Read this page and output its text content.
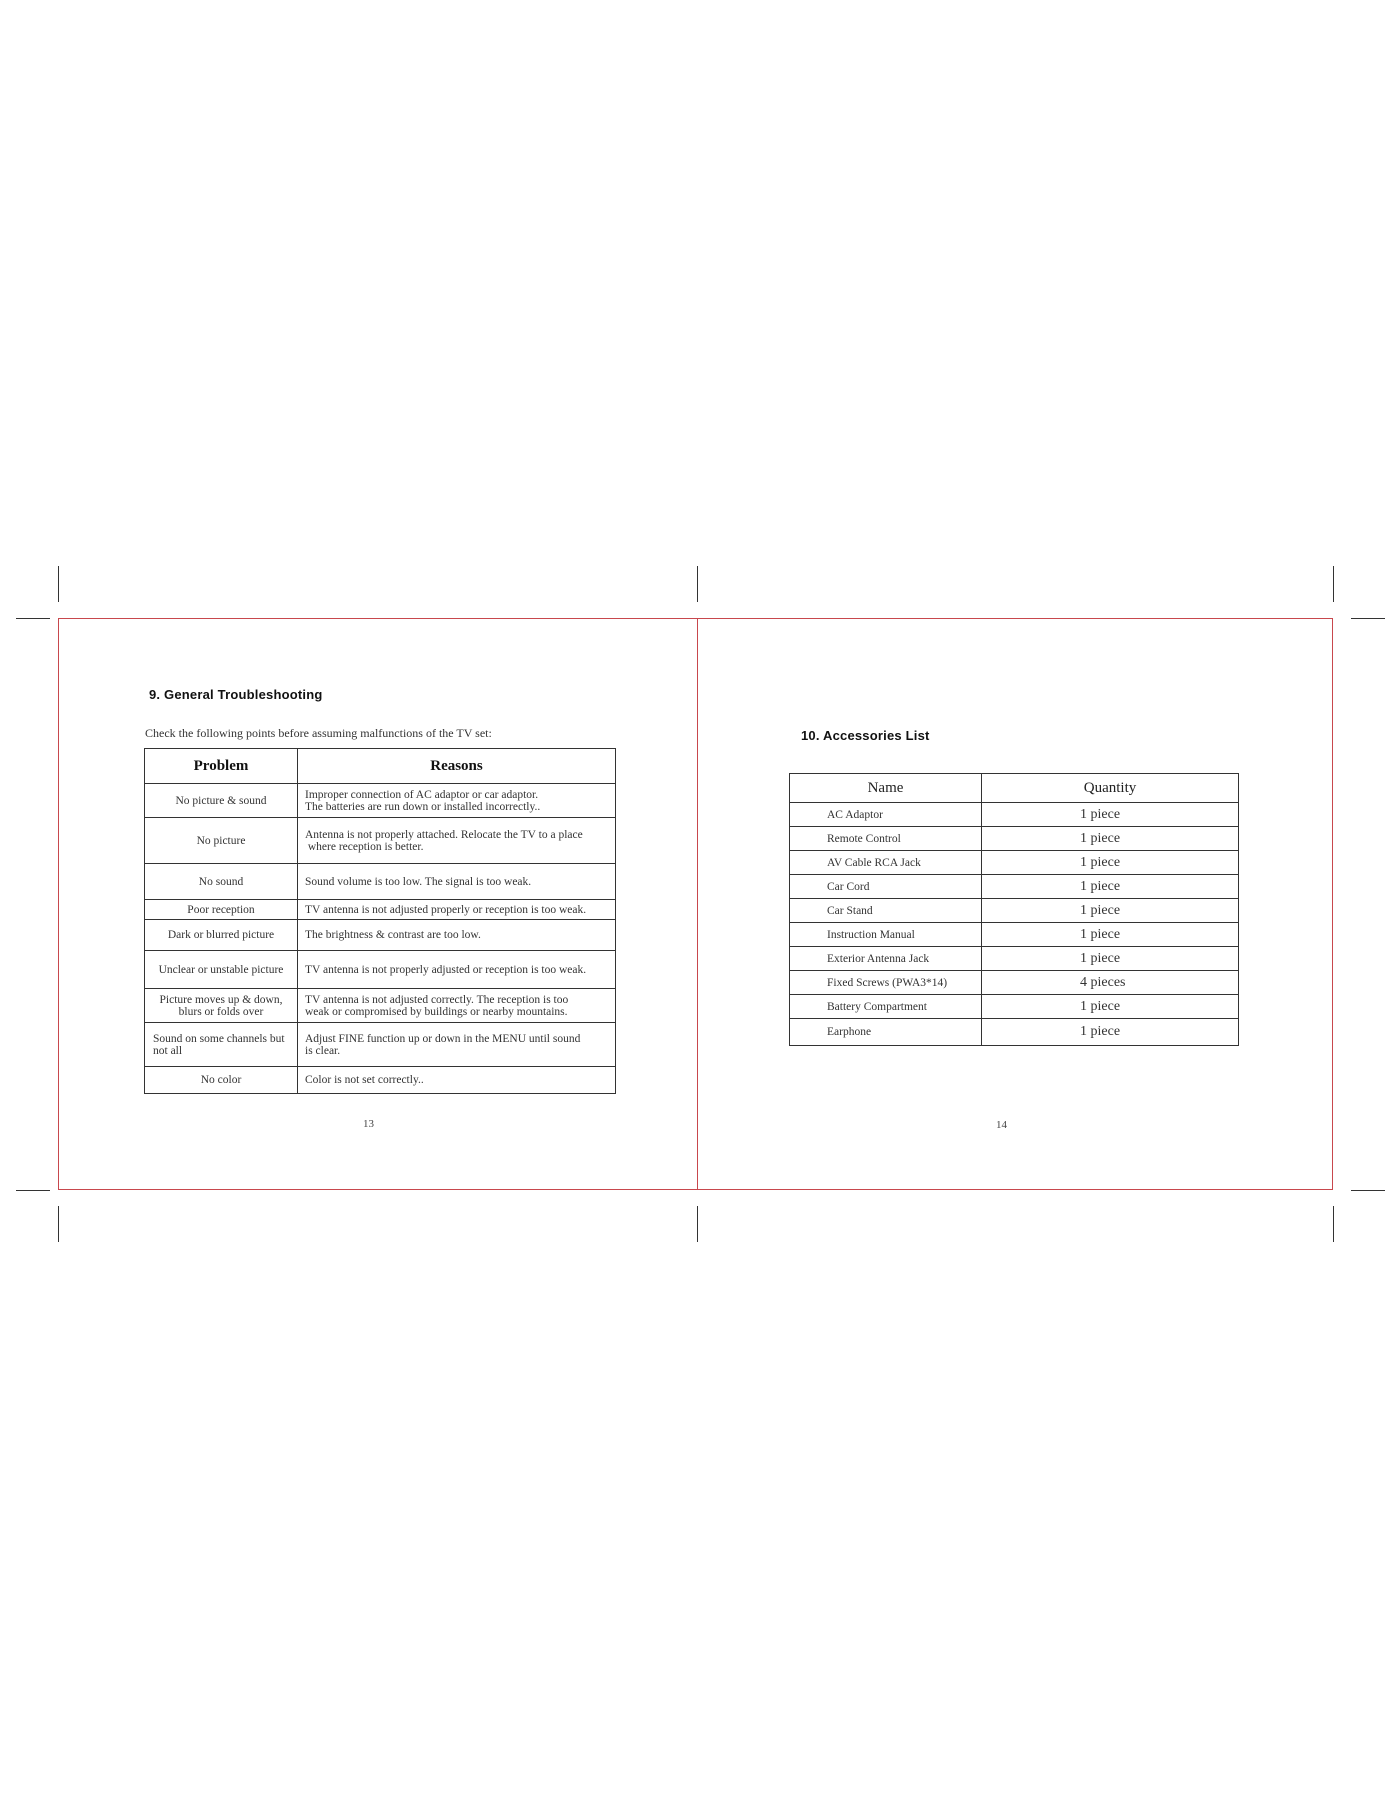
9. General Troubleshooting
Check the following points before assuming malfunctions of the TV set:
Problem	Reasons
No picture & sound	Improper connection of AC adaptor or car adaptor.
The batteries are run down or installed incorrectly..

No picture	Antenna is not properly attached. Relocate the TV to a place
where reception is better.

No sound	Sound volume is too low. The signal is too weak.

Poor reception	TV antenna is not adjusted properly or reception is too weak.

Dark or blurred picture	The brightness & contrast are too low.

Unclear or unstable picture	TV antenna is not properly adjusted or reception is too weak.

Picture moves up & down, blurs or folds over	TV antenna is not adjusted correctly. The reception is too
weak or compromised by buildings or nearby mountains.

Sound on some channels but not all	Adjust FINE function up or down in the MENU until sound
is clear.

No color	Color is not set correctly..
13
10. Accessories List
Name	Quantity
AC Adaptor	1 piece
Remote Control	1 piece
AV Cable RCA Jack	1 piece
Car Cord	1 piece
Car Stand	1 piece
Instruction Manual	1 piece
Exterior Antenna Jack	1 piece
Fixed Screws (PWA3*14)	4 pieces
Battery Compartment	1 piece
Earphone	1 piece
14
